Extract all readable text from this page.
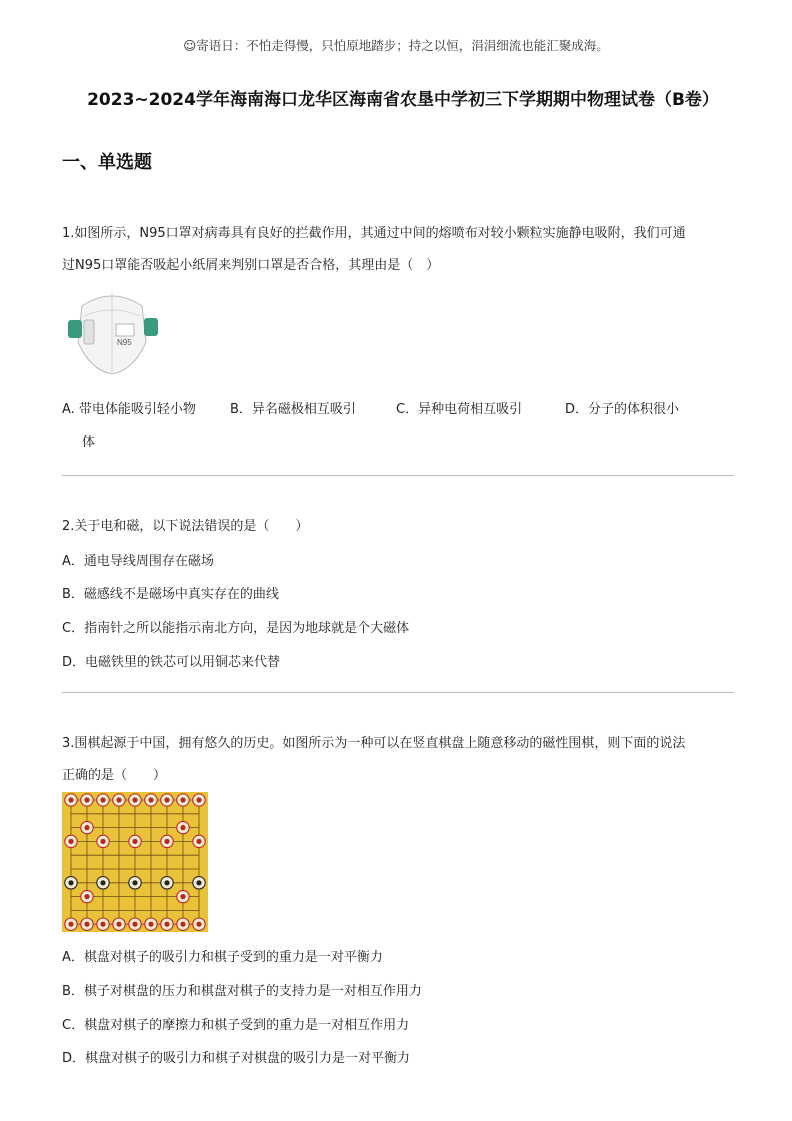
☺寄语日：不怕走得慢，只怕原地踏步；持之以恒，涓涓细流也能汇聚成海。
2023~2024学年海南海口龙华区海南省农垦中学初三下学期期中物理试卷（B卷）
一、单选题

1.如图所示，N95口罩对病毒具有良好的拦截作用，其通过中间的熔喷布对较小颗粒实施静电吸附，我们可通

过N95口罩能否吸起小纸屑来判别口罩是否合格，其理由是（　）

N95
A. 带电体能吸引轻小物
体
B．异名磁极相互吸引	C．异种电荷相互吸引	D．分子的体积很小
2.关于电和磁，以下说法错误的是（　　）
A．通电导线周围存在磁场
B．磁感线不是磁场中真实存在的曲线
C．指南针之所以能指示南北方向，是因为地球就是个大磁体
D．电磁铁里的铁芯可以用铜芯来代替

3.围棋起源于中国，拥有悠久的历史。如图所示为一种可以在竖直棋盘上随意移动的磁性围棋，则下面的说法

正确的是（　　）

A．棋盘对棋子的吸引力和棋子受到的重力是一对平衡力
B．棋子对棋盘的压力和棋盘对棋子的支持力是一对相互作用力
C．棋盘对棋子的摩擦力和棋子受到的重力是一对相互作用力
D．棋盘对棋子的吸引力和棋子对棋盘的吸引力是一对平衡力
